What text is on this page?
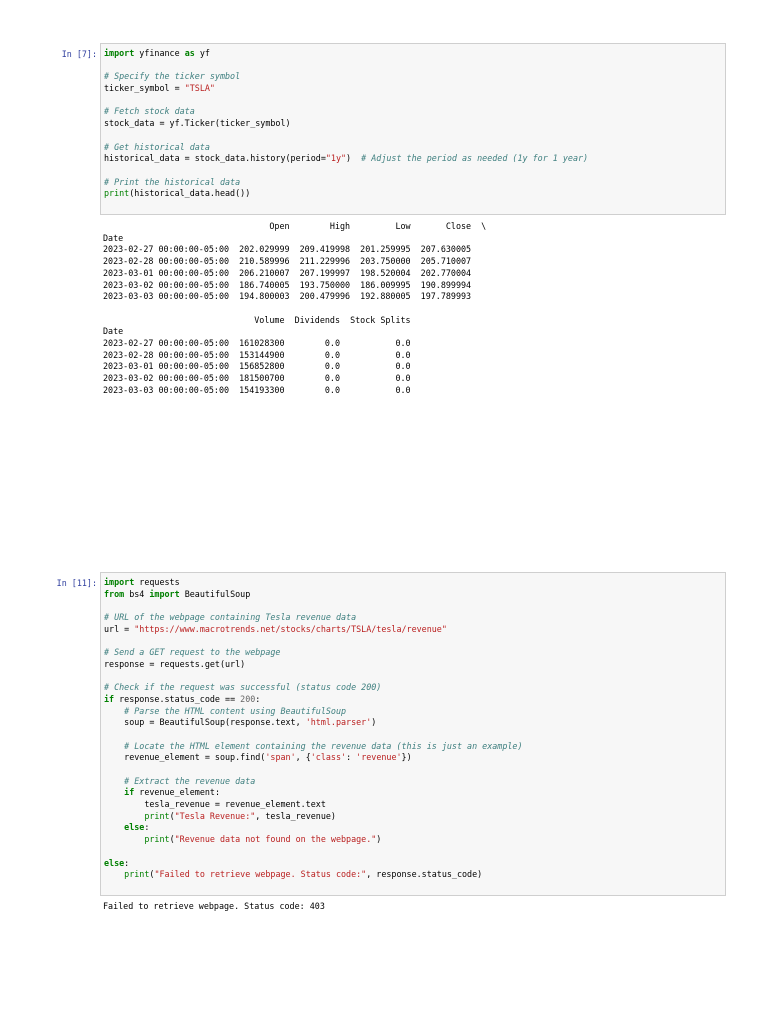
In [7]: import yfinance as yf

# Specify the ticker symbol
ticker_symbol = "TSLA"

# Fetch stock data
stock_data = yf.Ticker(ticker_symbol)

# Get historical data
historical_data = stock_data.history(period="1y")  # Adjust the period as needed (1y for 1 year)

# Print the historical data
print(historical_data.head())
Open        High         Low       Close  \
Date
2023-02-27 00:00:00-05:00  202.029999  209.419998  201.259995  207.630005
2023-02-28 00:00:00-05:00  210.589996  211.229996  203.750000  205.710007
2023-03-01 00:00:00-05:00  206.210007  207.199997  198.520004  202.770004
2023-03-02 00:00:00-05:00  186.740005  193.750000  186.009995  190.899994
2023-03-03 00:00:00-05:00  194.800003  200.479996  192.880005  197.789993

Volume  Dividends  Stock Splits
Date
2023-02-27 00:00:00-05:00  161028300        0.0           0.0
2023-02-28 00:00:00-05:00  153144900        0.0           0.0
2023-03-01 00:00:00-05:00  156852800        0.0           0.0
2023-03-02 00:00:00-05:00  181500700        0.0           0.0
2023-03-03 00:00:00-05:00  154193300        0.0           0.0
In [11]: import requests
from bs4 import BeautifulSoup

# URL of the webpage containing Tesla revenue data
url = "https://www.macrotrends.net/stocks/charts/TSLA/tesla/revenue"

# Send a GET request to the webpage
response = requests.get(url)

# Check if the request was successful (status code 200)
if response.status_code == 200:
# Parse the HTML content using BeautifulSoup
soup = BeautifulSoup(response.text, 'html.parser')

# Locate the HTML element containing the revenue data (this is just an example)
revenue_element = soup.find('span', {'class': 'revenue'})

# Extract the revenue data
if revenue_element:
tesla_revenue = revenue_element.text
print("Tesla Revenue:", tesla_revenue)
else:
print("Revenue data not found on the webpage.")

else:
print("Failed to retrieve webpage. Status code:", response.status_code)
Failed to retrieve webpage. Status code: 403
